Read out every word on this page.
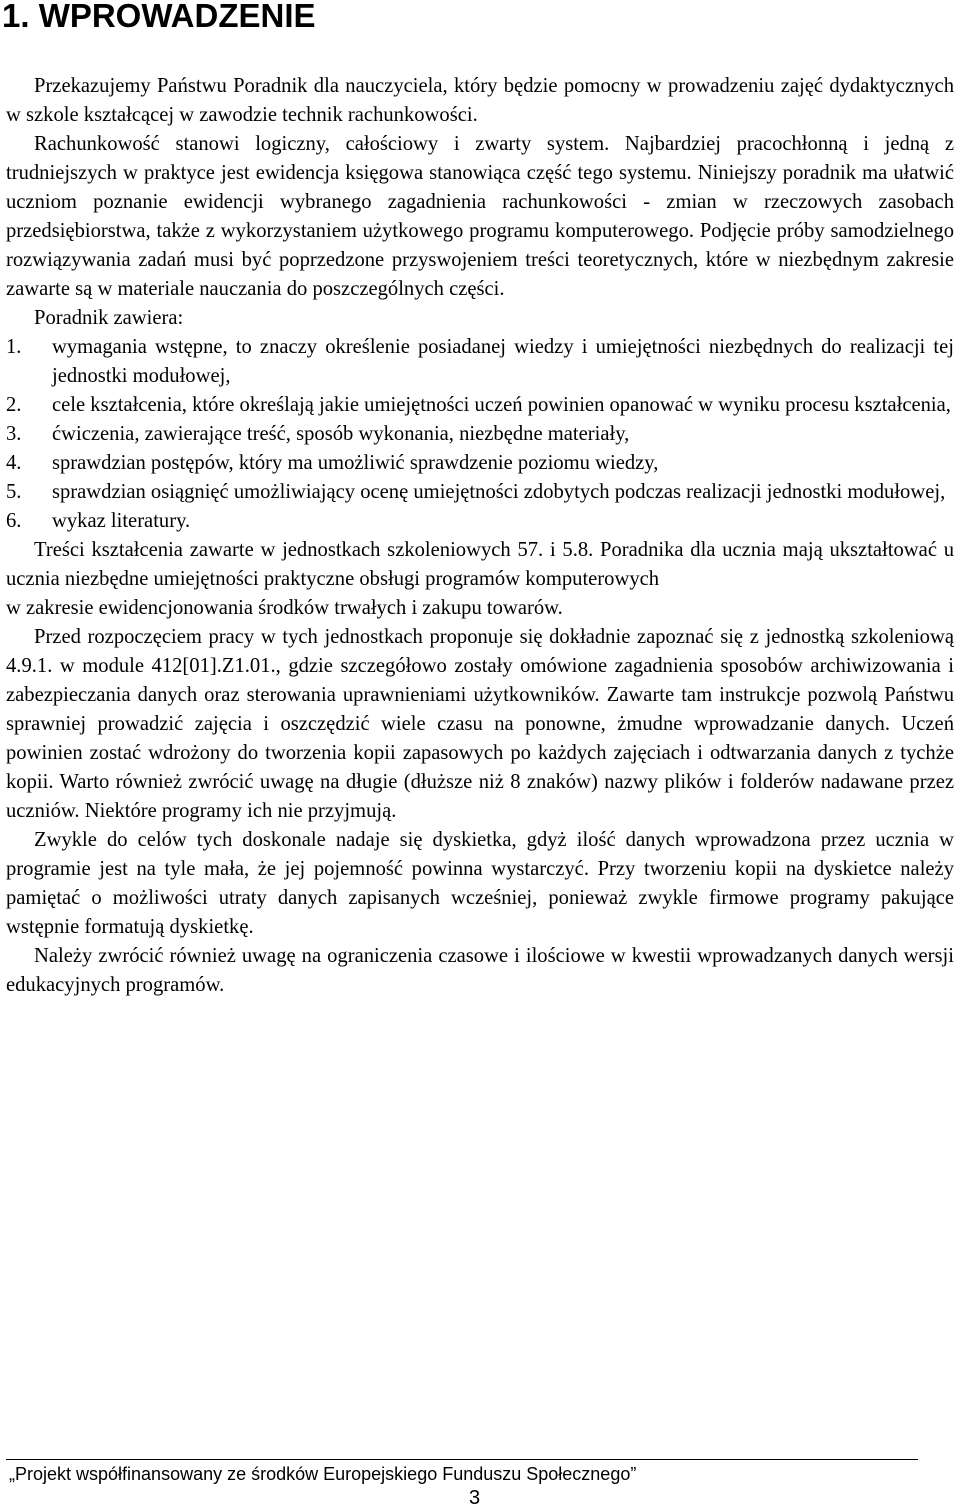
1. WPROWADZENIE

Przekazujemy Państwu Poradnik dla nauczyciela, który będzie pomocny w prowadzeniu zajęć dydaktycznych w szkole kształcącej w zawodzie technik rachunkowości.

Rachunkowość stanowi logiczny, całościowy i zwarty system. Najbardziej pracochłonną i jedną z trudniejszych w praktyce jest ewidencja księgowa stanowiąca część tego systemu. Niniejszy poradnik ma ułatwić uczniom poznanie ewidencji wybranego zagadnienia rachunkowości - zmian w rzeczowych zasobach przedsiębiorstwa, także z wykorzystaniem użytkowego programu komputerowego. Podjęcie próby samodzielnego rozwiązywania zadań musi być poprzedzone przyswojeniem treści teoretycznych, które w niezbędnym zakresie zawarte są w materiale nauczania do poszczególnych części.

Poradnik zawiera:

1. wymagania wstępne, to znaczy określenie posiadanej wiedzy i umiejętności niezbędnych do realizacji tej jednostki modułowej,
2. cele kształcenia, które określają jakie umiejętności uczeń powinien opanować w wyniku procesu kształcenia,
3. ćwiczenia, zawierające treść, sposób wykonania, niezbędne materiały,
4. sprawdzian postępów, który ma umożliwić sprawdzenie poziomu wiedzy,
5. sprawdzian osiągnięć umożliwiający ocenę umiejętności zdobytych podczas realizacji jednostki modułowej,
6. wykaz literatury.

Treści kształcenia zawarte w jednostkach szkoleniowych 57. i 5.8. Poradnika dla ucznia mają ukształtować u ucznia niezbędne umiejętności praktyczne obsługi programów komputerowych

w zakresie ewidencjonowania środków trwałych i zakupu towarów.

Przed rozpoczęciem pracy w tych jednostkach proponuje się dokładnie zapoznać się z jednostką szkoleniową 4.9.1. w module 412[01].Z1.01., gdzie szczegółowo zostały omówione zagadnienia sposobów archiwizowania i zabezpieczania danych oraz sterowania uprawnieniami użytkowników. Zawarte tam instrukcje pozwolą Państwu sprawniej prowadzić zajęcia i oszczędzić wiele czasu na ponowne, żmudne wprowadzanie danych. Uczeń powinien zostać wdrożony do tworzenia kopii zapasowych po każdych zajęciach i odtwarzania danych z tychże kopii. Warto również zwrócić uwagę na długie (dłuższe niż 8 znaków) nazwy plików i folderów nadawane przez uczniów. Niektóre programy ich nie przyjmują.

Zwykle do celów tych doskonale nadaje się dyskietka, gdyż ilość danych wprowadzona przez ucznia w programie jest na tyle mała, że jej pojemność powinna wystarczyć. Przy tworzeniu kopii na dyskietce należy pamiętać o możliwości utraty danych zapisanych wcześniej, ponieważ zwykle firmowe programy pakujące wstępnie formatują dyskietkę.

Należy zwrócić również uwagę na ograniczenia czasowe i ilościowe w kwestii wprowadzanych danych wersji edukacyjnych programów.

„Projekt współfinansowany ze środków Europejskiego Funduszu Społecznego”
3
